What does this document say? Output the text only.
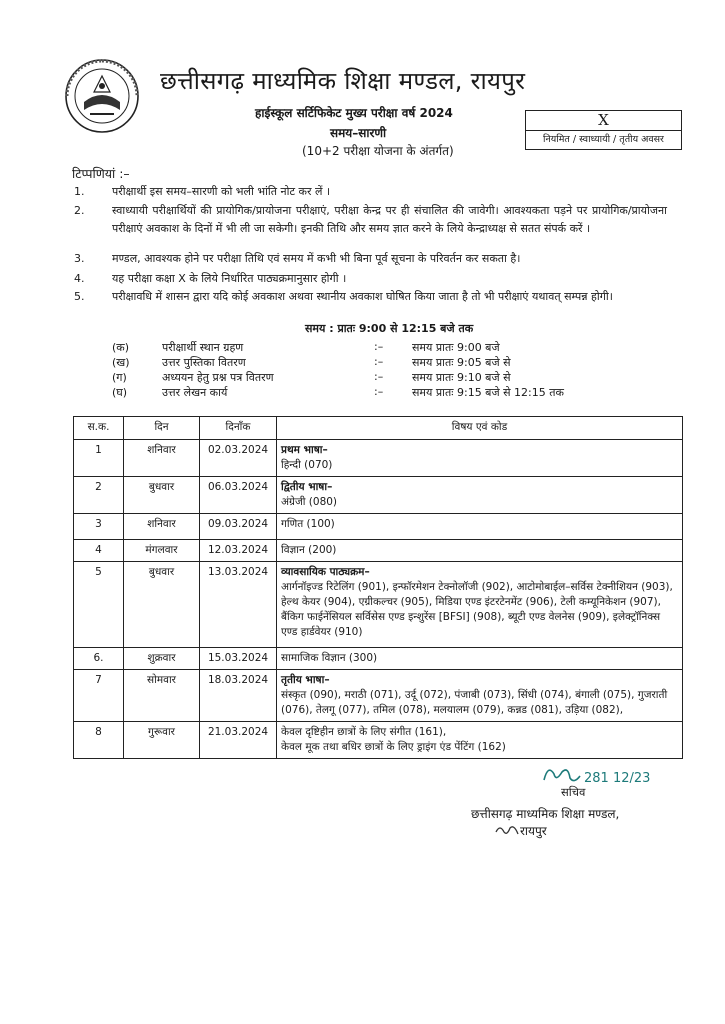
छत्तीसगढ़ माध्यमिक शिक्षा मण्डल, रायपुर
हाईस्कूल सर्टिफिकेट मुख्य परीक्षा वर्ष 2024
समय–सारणी
(10+2 परीक्षा योजना के अंतर्गत)
X
नियमित / स्वाध्यायी / तृतीय अवसर
टिप्पणियां :–
1.	परीक्षार्थी इस समय–सारणी को भली भांति नोट कर लें ।
2.	स्वाध्यायी परीक्षार्थियों की प्रायोगिक/प्रायोजना परीक्षाएं, परीक्षा केन्द्र पर ही संचालित की जावेगी। आवश्यकता पड़ने पर प्रायोगिक/प्रायोजना परीक्षाएं अवकाश के दिनों में भी ली जा सकेगी। इनकी तिथि और समय ज्ञात करने के लिये केन्द्राध्यक्ष से सतत संपर्क करें ।
3.	मण्डल, आवश्यक होने पर परीक्षा तिथि एवं समय में कभी भी बिना पूर्व सूचना के परिवर्तन कर सकता है।
4.	यह परीक्षा कक्षा X के लिये निर्धारित पाठ्यक्रमानुसार होगी ।
5.	परीक्षावधि में शासन द्वारा यदि कोई अवकाश अथवा स्थानीय अवकाश घोषित किया जाता है तो भी परीक्षाएं यथावत् सम्पन्न होगी।
समय : प्रातः 9:00 से 12:15 बजे तक
(क)	परीक्षार्थी स्थान ग्रहण	:–	समय प्रातः 9:00 बजे
(ख)	उत्तर पुस्तिका वितरण	:–	समय प्रातः 9:05 बजे से
(ग)	अध्ययन हेतु प्रश्न पत्र वितरण	:–	समय प्रातः 9:10 बजे से
(घ)	उत्तर लेखन कार्य	:–	समय प्रातः 9:15 बजे से 12:15 तक
स.क.	दिन	दिनाँक	विषय एवं कोड
1	शनिवार	02.03.2024	प्रथम भाषा–
हिन्दी (070)

2	बुधवार	06.03.2024	द्वितीय भाषा–
अंग्रेजी (080)

3	शनिवार	09.03.2024	गणित (100)

4	मंगलवार	12.03.2024	विज्ञान (200)

5	बुधवार	13.03.2024	व्यावसायिक पाठ्यक्रम–
आर्गनॉइज्ड रिटेलिंग (901), इन्फॉरमेशन टेक्नोलॉजी (902), आटोमोबाईल–सर्विस टेक्नीशियन (903), हेल्थ केयर (904), एग्रीकल्चर (905), मिडिया एण्ड इंटरटेनमेंट (906), टेली कम्यूनिकेशन (907), बैंकिग फाईनेंसियल सर्विसेस एण्ड इन्शुरेंस [BFSI] (908), ब्यूटी एण्ड वेलनेस (909), इलेक्ट्रॉनिक्स एण्ड हार्डवेयर (910)

6.	शुक्रवार	15.03.2024	सामाजिक विज्ञान (300)

7	सोमवार	18.03.2024	तृतीय भाषा–
संस्कृत (090), मराठी (071), उर्दू (072), पंजाबी (073), सिंधी (074), बंगाली (075), गुजराती (076), तेलगू (077), तमिल (078), मलयालम (079), कन्नड (081), उड़िया (082),

8	गुरूवार	21.03.2024	केवल दृष्टिहीन छात्रों के लिए संगीत (161),
केवल मूक तथा बधिर छात्रों के लिए ड्राइंग एंड पेंटिंग (162)
281 12/23
सचिव
छत्तीसगढ़ माध्यमिक शिक्षा मण्डल,
रायपुर
